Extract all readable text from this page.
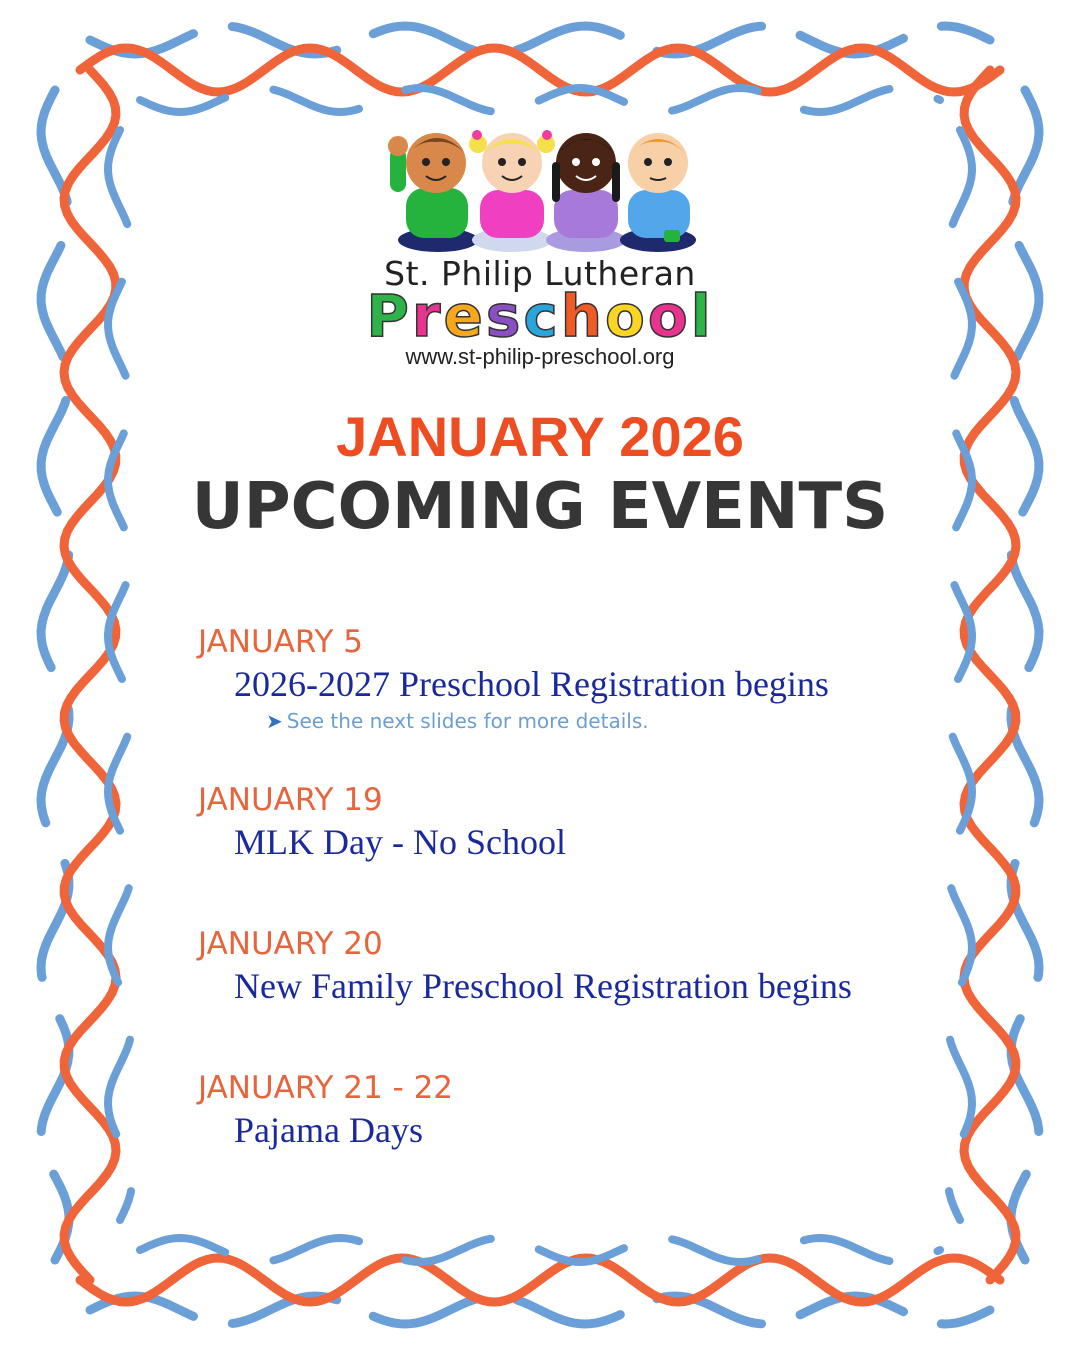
St. Philip Lutheran
Preschool
www.st-philip-preschool.org
JANUARY 2026
UPCOMING EVENTS
JANUARY 5
2026-2027 Preschool Registration begins
➤ See the next slides for more details.
JANUARY 19
MLK Day - No School
JANUARY 20
New Family Preschool Registration begins
JANUARY 21 - 22
Pajama Days
